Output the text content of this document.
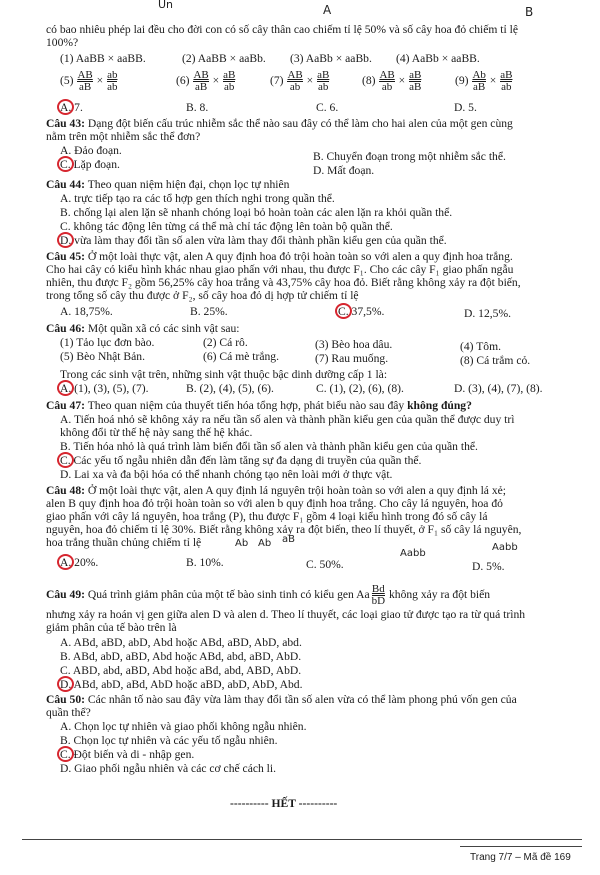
A	B
Un
có bao nhiêu phép lai đều cho đời con có số cây thân cao chiếm tỉ lệ 50% và số cây hoa đỏ chiếm tỉ lệ
100%?
(1) AaBB × aaBB.	(2) AaBB × aaBb. (3) AaBb × aaBb. (4) AaBb × aaBB.
$(5) \frac{AB}{aB} \times \frac{ab}{ab}$	$(6) \frac{AB}{aB} \times \frac{aB}{ab}$	$(7) \frac{AB}{ab} \times \frac{aB}{ab}$	$(8) \frac{AB}{ab} \times \frac{aB}{aB}$	$(9) \frac{Ab}{aB} \times \frac{aB}{ab}$
A. 7.	B. 8.	C. 6.	D. 5.
Câu 43: Dạng đột biến cấu trúc nhiễm sắc thể nào sau đây có thể làm cho hai alen của một gen cùng
nằm trên một nhiễm sắc thể đơn?
A. Đảo đoạn.	B. Chuyển đoạn trong một nhiễm sắc thể.
C. Lặp đoạn.	D. Mất đoạn.
Câu 44: Theo quan niệm hiện đại, chọn lọc tự nhiên
A. trực tiếp tạo ra các tổ hợp gen thích nghi trong quần thể.
B. chống lại alen lặn sẽ nhanh chóng loại bỏ hoàn toàn các alen lặn ra khỏi quần thể.
C. không tác động lên từng cá thể mà chỉ tác động lên toàn bộ quần thể.
D. vừa làm thay đổi tần số alen vừa làm thay đổi thành phần kiểu gen của quần thể.
Câu 45: Ở một loài thực vật, alen A quy định hoa đỏ trội hoàn toàn so với alen a quy định hoa trắng.
Cho hai cây có kiểu hình khác nhau giao phấn với nhau, thu được F₁. Cho các cây F₁ giao phấn ngẫu
nhiên, thu được F₂ gồm 56,25% cây hoa trắng và 43,75% cây hoa đỏ. Biết rằng không xảy ra đột biến,
trong tổng số cây thu được ở F₂, số cây hoa đỏ dị hợp tử chiếm tỉ lệ
A. 18,75%.	B. 25%.	C. 37,5%.	D. 12,5%.
Câu 46: Một quần xã có các sinh vật sau:
(1) Tảo lục đơn bào.	(2) Cá rô.	(3) Bèo hoa dâu.	(4) Tôm.
(5) Bèo Nhật Bản.	(6) Cá mè trắng.	(7) Rau muống.	(8) Cá trắm cỏ.
Trong các sinh vật trên, những sinh vật thuộc bậc dinh dưỡng cấp 1 là:
A. (1), (3), (5), (7).	B. (2), (4), (5), (6).	C. (1), (2), (6), (8).	D. (3), (4), (7), (8).
Câu 47: Theo quan niệm của thuyết tiến hóa tổng hợp, phát biểu nào sau đây không đúng?
A. Tiến hoá nhỏ sẽ không xảy ra nếu tần số alen và thành phần kiểu gen của quần thể được duy trì
không đổi từ thế hệ này sang thế hệ khác.
B. Tiến hóa nhỏ là quá trình làm biến đổi tần số alen và thành phần kiểu gen của quần thể.
C. Các yếu tố ngẫu nhiên dẫn đến làm tăng sự đa dạng di truyền của quần thể.
D. Lai xa và đa bội hóa có thể nhanh chóng tạo nên loài mới ở thực vật.
Câu 48: Ở một loài thực vật, alen A quy định lá nguyên trội hoàn toàn so với alen a quy định lá xẻ;
alen B quy định hoa đỏ trội hoàn toàn so với alen b quy định hoa trắng. Cho cây lá nguyên, hoa đỏ
giao phấn với cây lá nguyên, hoa trắng (P), thu được F₁ gồm 4 loại kiểu hình trong đó số cây lá
nguyên, hoa đỏ chiếm tỉ lệ 30%. Biết rằng không xảy ra đột biến, theo lí thuyết, ở F₁ số cây lá nguyên,
hoa trắng thuần chủng chiếm tỉ lệ	Ab Ab aB
Aabb
Aabb
A. 20%.	B. 10%.	C. 50%.	D. 5%.
Câu 49: Quá trình giảm phân của một tế bào sinh tinh có kiểu gen Aa $\frac{Bd}{bD}$ không xảy ra đột biến
nhưng xảy ra hoán vị gen giữa alen D và alen d. Theo lí thuyết, các loại giao tử được tạo ra từ quá trình
giảm phân của tế bào trên là
A. ABd, aBD, abD, Abd hoặc ABd, aBD, AbD, abd.
B. ABd, abD, aBD, Abd hoặc ABd, abd, aBD, AbD.
C. ABD, abd, aBD, Abd hoặc aBd, abd, ABD, AbD.
D. ABd, abD, aBd, AbD hoặc aBD, abD, AbD, Abd.
Câu 50: Các nhân tố nào sau đây vừa làm thay đổi tần số alen vừa có thể làm phong phú vốn gen của
quần thể?
A. Chọn lọc tự nhiên và giao phối không ngẫu nhiên.
B. Chọn lọc tự nhiên và các yếu tố ngẫu nhiên.
C. Đột biến và di - nhập gen.
D. Giao phối ngẫu nhiên và các cơ chế cách li.
---------- HẾT ----------
Trang 7/7 – Mã đề 169
